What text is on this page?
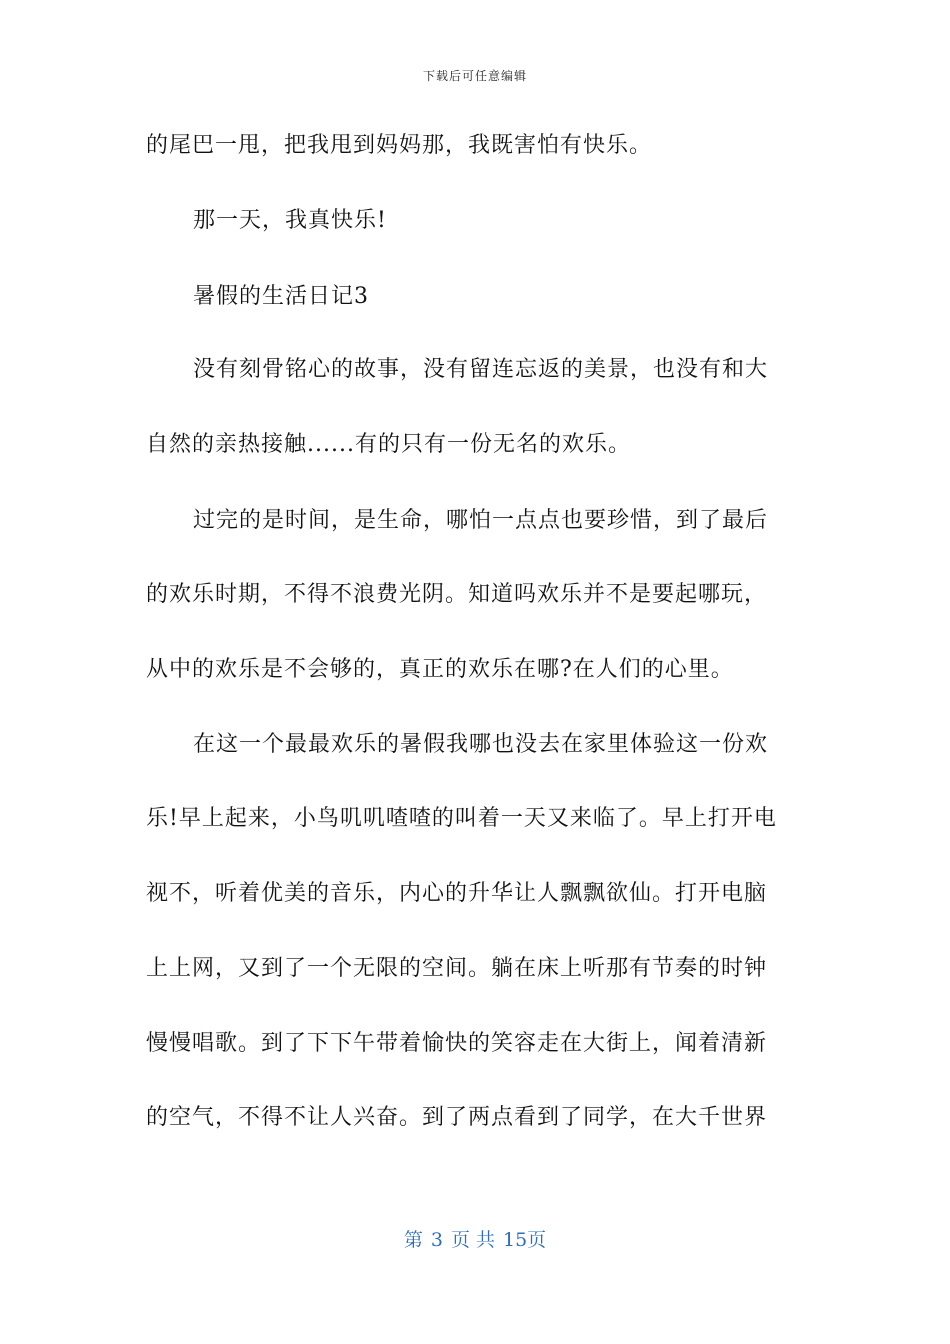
下载后可任意编辑
的尾巴一甩，把我甩到妈妈那，我既害怕有快乐。
那一天，我真快乐!
暑假的生活日记3
没有刻骨铭心的故事，没有留连忘返的美景，也没有和大
自然的亲热接触......有的只有一份无名的欢乐。
过完的是时间，是生命，哪怕一点点也要珍惜，到了最后
的欢乐时期，不得不浪费光阴。知道吗欢乐并不是要起哪玩，
从中的欢乐是不会够的，真正的欢乐在哪?在人们的心里。
在这一个最最欢乐的暑假我哪也没去在家里体验这一份欢
乐!早上起来，小鸟叽叽喳喳的叫着一天又来临了。早上打开电
视不，听着优美的音乐，内心的升华让人飘飘欲仙。打开电脑
上上网，又到了一个无限的空间。躺在床上听那有节奏的时钟
慢慢唱歌。到了下下午带着愉快的笑容走在大街上，闻着清新
的空气，不得不让人兴奋。到了两点看到了同学，在大千世界
第 3 页 共 15页
